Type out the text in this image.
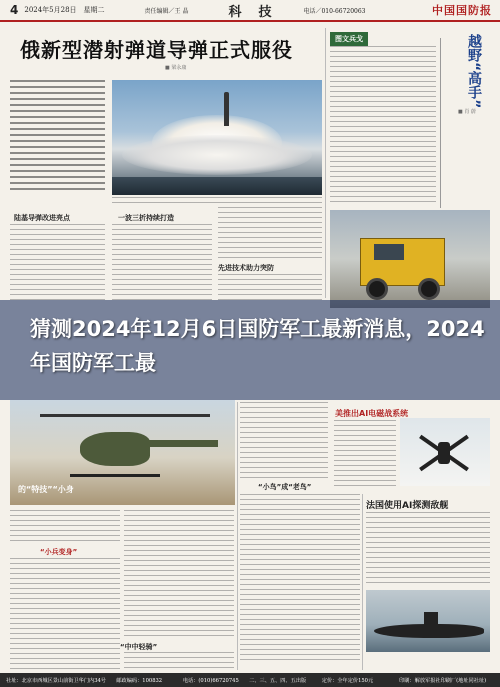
4 2024年5月28日　星期二	责任编辑／王 晶	科　技	电话／010-66720063	中国国防报
俄新型潜射弹道导弹正式服役
■ 梁永康
陆基导弹改进亮点	一波三折持续打造
先进技术助力突防
图文兵戈	越野“高手”
■ 肖 蔚
猜测2024年12月6日国防军工最新消息，2024年国防军工最
的“特技”“小身	“小鸟”成“老鸟”
美推出AI电磁战系统
法国使用AI探测敌舰
“小兵变身”
“中中轻骑”
社址：北京市西城区景山前街卫华门内34号　　邮政编码：100832　　　　电话：(010)66720745　　二、三、五、四、五出版　　　定价：全年定价150元　　　　　印刷：解放军报社印刷厂(地址同社址)
